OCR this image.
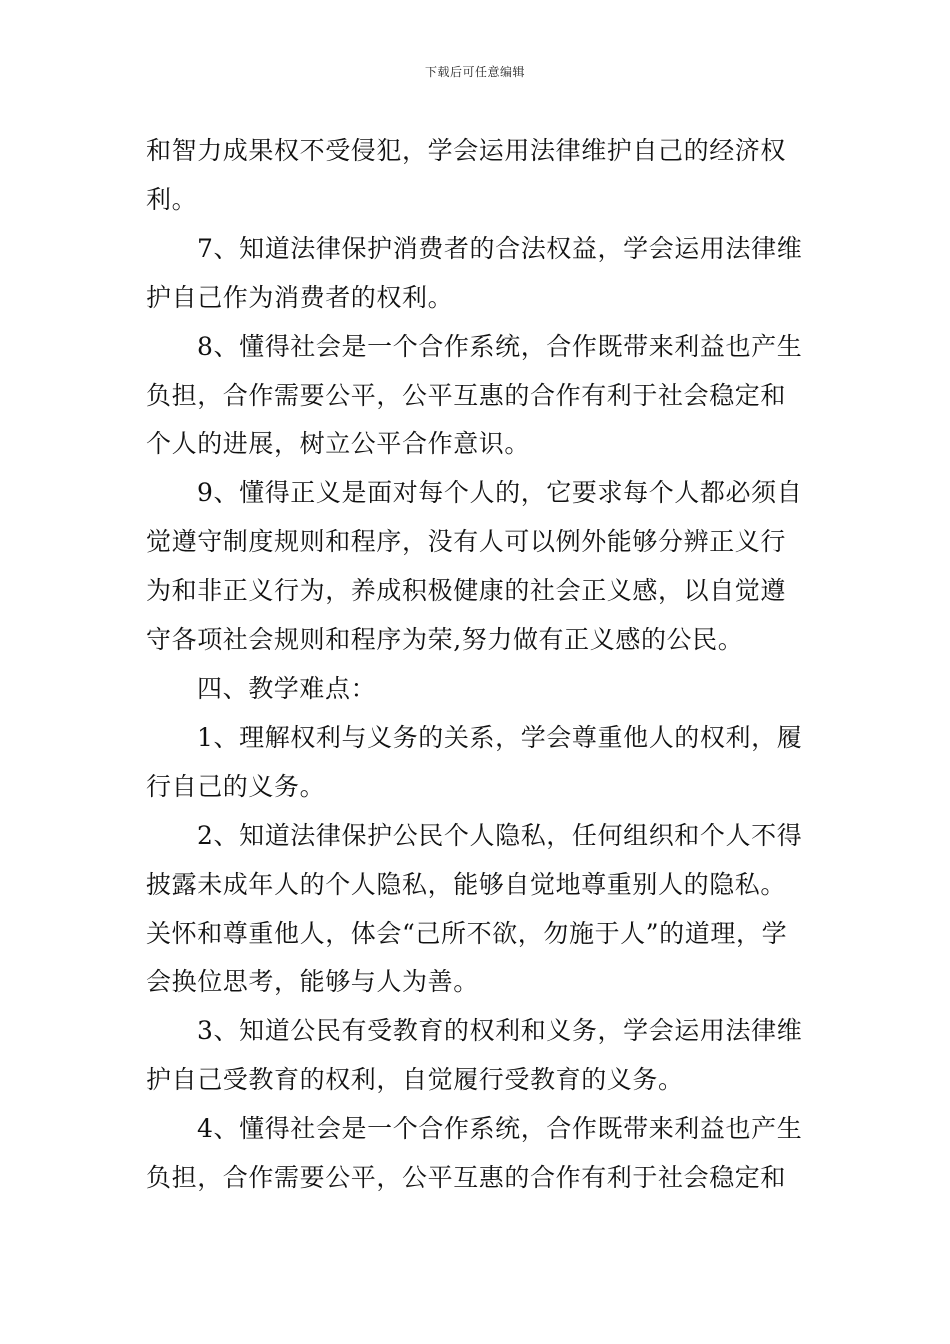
下载后可任意编辑

和智力成果权不受侵犯，学会运用法律维护自己的经济权利。

7、知道法律保护消费者的合法权益，学会运用法律维护自己作为消费者的权利。

8、懂得社会是一个合作系统，合作既带来利益也产生负担，合作需要公平，公平互惠的合作有利于社会稳定和个人的进展，树立公平合作意识。

9、懂得正义是面对每个人的，它要求每个人都必须自觉遵守制度规则和程序，没有人可以例外能够分辨正义行为和非正义行为，养成积极健康的社会正义感，以自觉遵守各项社会规则和程序为荣,努力做有正义感的公民。

四、教学难点：

1、理解权利与义务的关系，学会尊重他人的权利，履行自己的义务。

2、知道法律保护公民个人隐私，任何组织和个人不得披露未成年人的个人隐私，能够自觉地尊重别人的隐私。关怀和尊重他人，体会“己所不欲，勿施于人”的道理，学会换位思考，能够与人为善。

3、知道公民有受教育的权利和义务，学会运用法律维护自己受教育的权利，自觉履行受教育的义务。

4、懂得社会是一个合作系统，合作既带来利益也产生负担，合作需要公平，公平互惠的合作有利于社会稳定和
